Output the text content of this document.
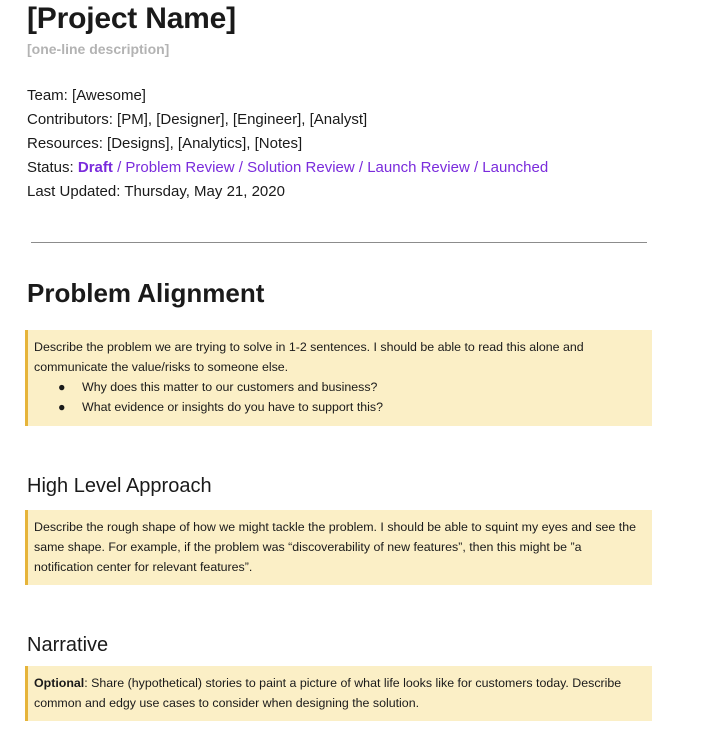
[Project Name]
[one-line description]
Team: [Awesome]
Contributors: [PM], [Designer], [Engineer], [Analyst]
Resources: [Designs], [Analytics], [Notes]
Status: Draft / Problem Review / Solution Review / Launch Review / Launched
Last Updated: Thursday, May 21, 2020
Problem Alignment
Describe the problem we are trying to solve in 1-2 sentences. I should be able to read this alone and communicate the value/risks to someone else.
● Why does this matter to our customers and business?
● What evidence or insights do you have to support this?
High Level Approach
Describe the rough shape of how we might tackle the problem. I should be able to squint my eyes and see the same shape. For example, if the problem was “discoverability of new features”, then this might be ”a notification center for relevant features”.
Narrative
Optional: Share (hypothetical) stories to paint a picture of what life looks like for customers today. Describe common and edgy use cases to consider when designing the solution.
